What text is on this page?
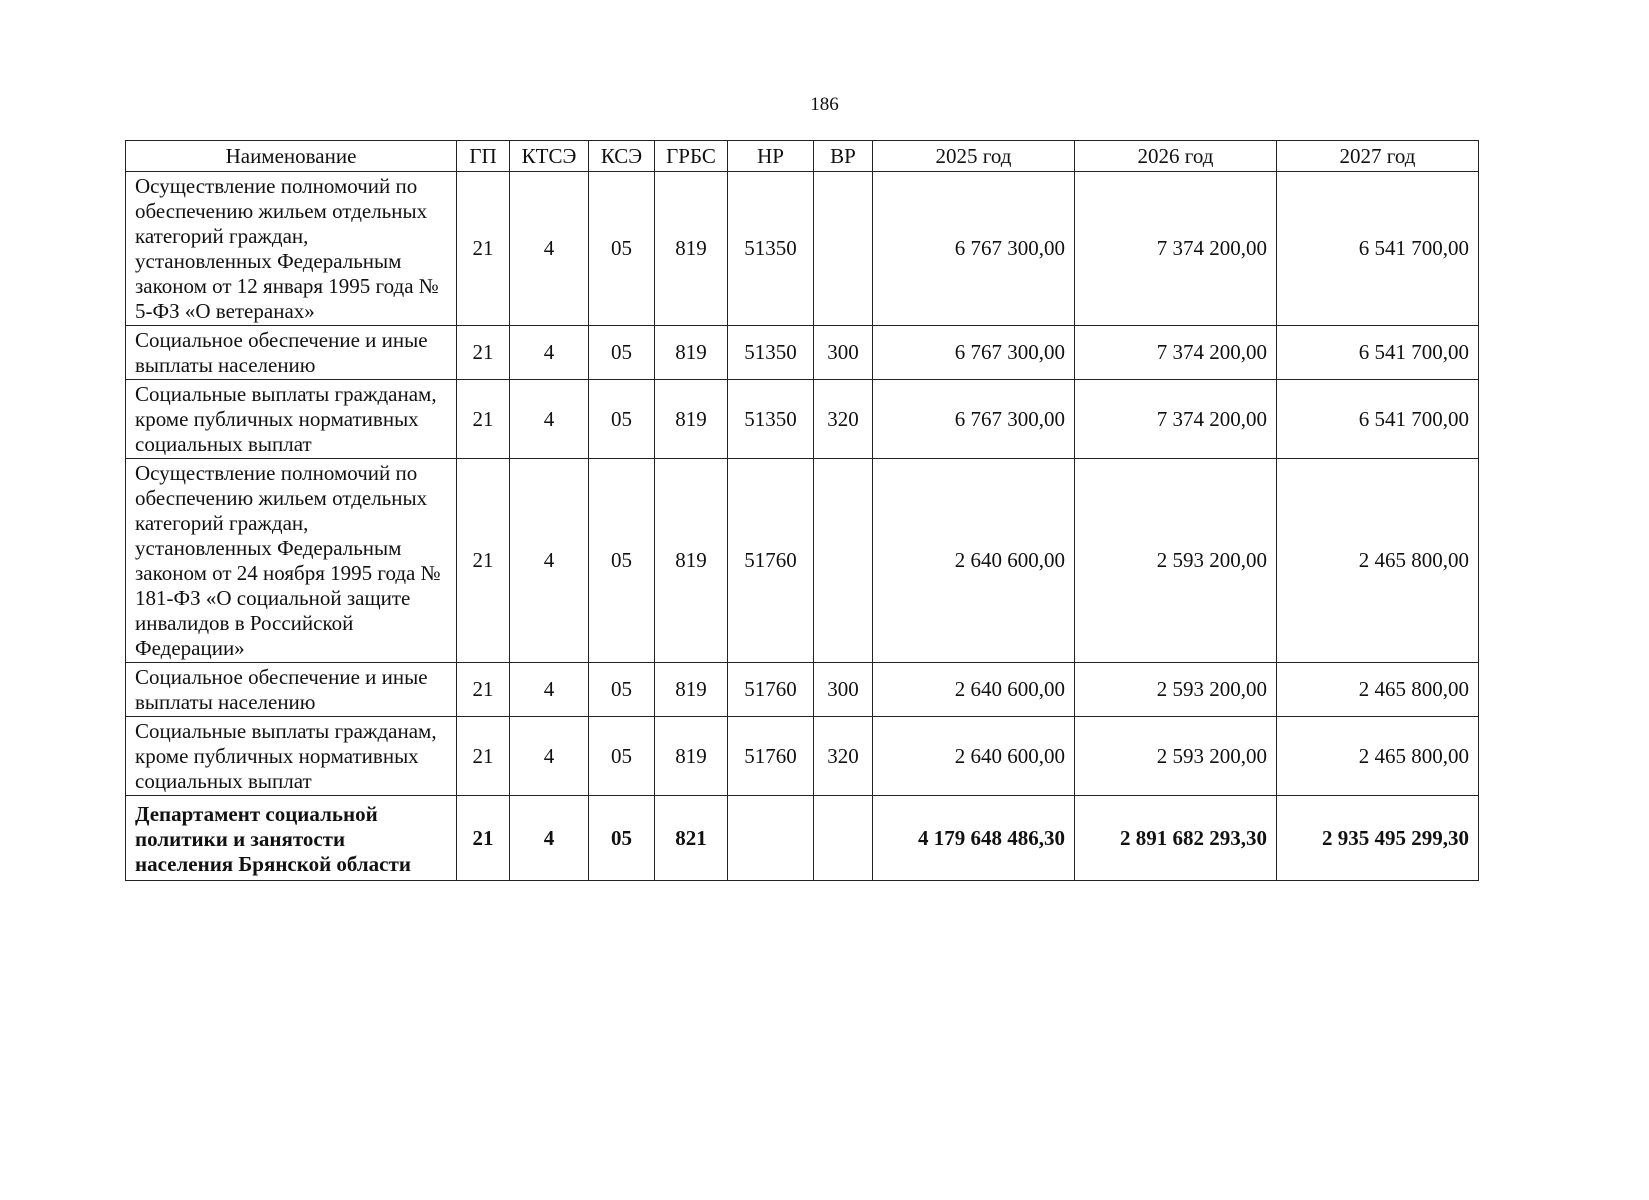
186
Наименование	ГП	КТСЭ	КСЭ	ГРБС	НР	ВР	2025 год	2026 год	2027 год
Осуществление полномочий по обеспечению жильем отдельных категорий граждан, установленных Федеральным законом от 12 января 1995 года № 5-ФЗ «О ветеранах»	21	4	05	819	51350		6 767 300,00	7 374 200,00	6 541 700,00
Социальное обеспечение и иные выплаты населению	21	4	05	819	51350	300	6 767 300,00	7 374 200,00	6 541 700,00
Социальные выплаты гражданам, кроме публичных нормативных социальных выплат	21	4	05	819	51350	320	6 767 300,00	7 374 200,00	6 541 700,00
Осуществление полномочий по обеспечению жильем отдельных категорий граждан, установленных Федеральным законом от 24 ноября 1995 года № 181-ФЗ «О социальной защите инвалидов в Российской Федерации»	21	4	05	819	51760		2 640 600,00	2 593 200,00	2 465 800,00
Социальное обеспечение и иные выплаты населению	21	4	05	819	51760	300	2 640 600,00	2 593 200,00	2 465 800,00
Социальные выплаты гражданам, кроме публичных нормативных социальных выплат	21	4	05	819	51760	320	2 640 600,00	2 593 200,00	2 465 800,00
Департамент социальной политики и занятости населения Брянской области	21	4	05	821			4 179 648 486,30	2 891 682 293,30	2 935 495 299,30
